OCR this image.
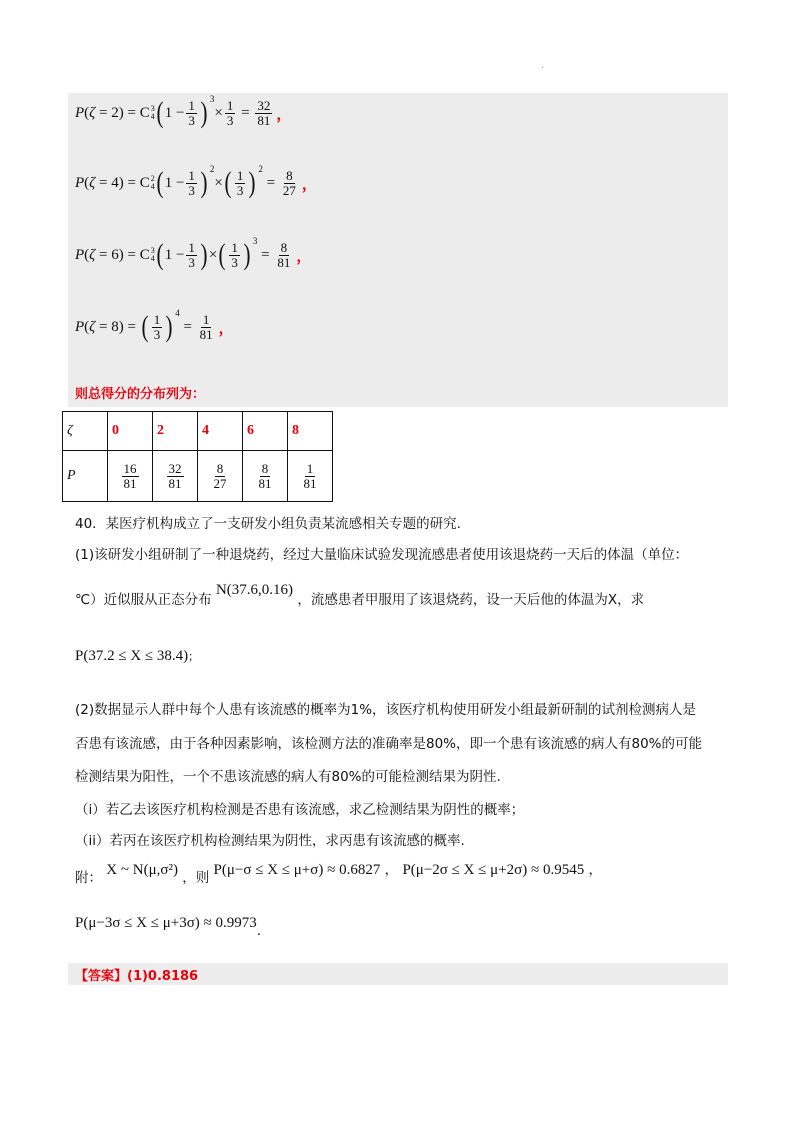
.
P ( ζ = 2 ) = C 3
4 ( 1
− $\frac{1}{3}$ ) 3
× $\frac{1}{3} = \frac{32}{81}$ ，
P ( ζ = 4 ) = C 2
4 ( 1
− $\frac{1}{3}$ ) 2
× ( $\frac{1}{3}$ ) 2
= $\frac{8}{27}$ ，
P ( ζ = 6 ) = C 3
4 ( 1
− $\frac{1}{3}$ ) × ( $\frac{1}{3}$ ) 3
= $\frac{8}{81}$ ，
P ( ζ = 8 ) = ( $\frac{1}{3}$ ) 4
= $\frac{1}{81}$ ，
则总得分的分布列为：
ζ	0	2	4	6	8
P	$\frac{16}{81}$	$\frac{32}{81}$	$\frac{8}{27}$	$\frac{8}{81}$	$\frac{1}{81}$
40．某医疗机构成立了一支研发小组负责某流感相关专题的研究.
(1)该研发小组研制了一种退烧药，经过大量临床试验发现流感患者使用该退烧药一天后的体温（单位：
℃）近似服从正态分布 N(37.6,0.16) ，流感患者甲服用了该退烧药，设一天后他的体温为X，求
P(37.2 ≤ X ≤ 38.4)；
(2)数据显示人群中每个人患有该流感的概率为1%，该医疗机构使用研发小组最新研制的试剂检测病人是
否患有该流感，由于各种因素影响，该检测方法的准确率是80%，即一个患有该流感的病人有80%的可能
检测结果为阳性，一个不患该流感的病人有80%的可能检测结果为阴性.
（i）若乙去该医疗机构检测是否患有该流感，求乙检测结果为阴性的概率；
（ii）若丙在该医疗机构检测结果为阴性，求丙患有该流感的概率.
附： X ~ N(μ,σ²) ，则 P(μ−σ ≤ X ≤ μ+σ) ≈ 0.6827 ， P(μ−2σ ≤ X ≤ μ+2σ) ≈ 0.9545 ，
P(μ−3σ ≤ X ≤ μ+3σ) ≈ 0.9973.
【答案】(1)0.8186
